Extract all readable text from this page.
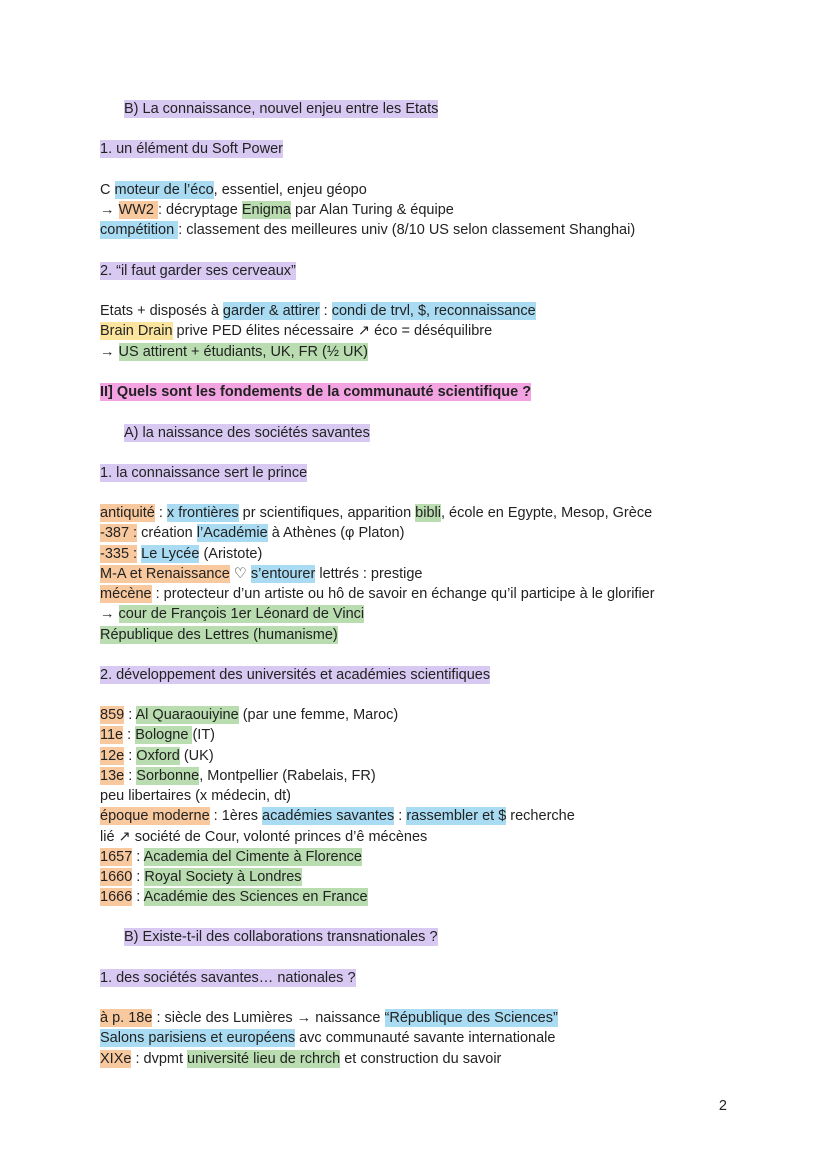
B) La connaissance, nouvel enjeu entre les Etats
1. un élément du Soft Power
C moteur de l’éco, essentiel, enjeu géopo
→ WW2 : décryptage Enigma par Alan Turing & équipe
compétition : classement des meilleures univ (8/10 US selon classement Shanghai)
2. “il faut garder ses cerveaux”
Etats + disposés à garder & attirer : condi de trvl, $, reconnaissance
Brain Drain prive PED élites nécessaire ↗ éco = déséquilibre
→ US attirent + étudiants, UK, FR (½ UK)
II] Quels sont les fondements de la communauté scientifique ?
A) la naissance des sociétés savantes
1. la connaissance sert le prince
antiquité : x frontières pr scientifiques, apparition bibli, école en Egypte, Mesop, Grèce
-387 : création l’Académie à Athènes (φ Platon)
-335 : Le Lycée (Aristote)
M-A et Renaissance ♡ s’entourer lettrés : prestige
mécène : protecteur d’un artiste ou hô de savoir en échange qu’il participe à le glorifier
→ cour de François 1er Léonard de Vinci
République des Lettres (humanisme)
2. développement des universités et académies scientifiques
859 : Al Quaraouiyine (par une femme, Maroc)
11e : Bologne (IT)
12e : Oxford (UK)
13e : Sorbonne, Montpellier (Rabelais, FR)
peu libertaires (x médecin, dt)
époque moderne : 1ères académies savantes : rassembler et $ recherche
lié ↗ société de Cour, volonté princes d’ê mécènes
1657 : Academia del Cimente à Florence
1660 : Royal Society à Londres
1666 : Académie des Sciences en France
B) Existe-t-il des collaborations transnationales ?
1. des sociétés savantes… nationales ?
à p. 18e : siècle des Lumières → naissance “République des Sciences”
Salons parisiens et européens avc communauté savante internationale
XIXe : dvpmt université lieu de rchrch et construction du savoir
2
